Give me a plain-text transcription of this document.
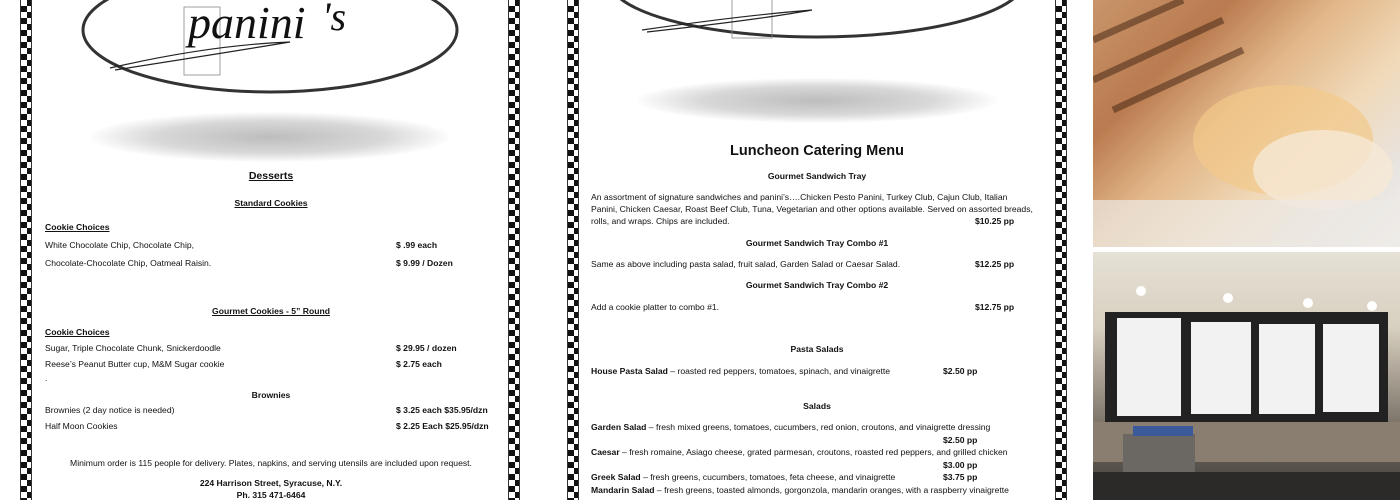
panini 's
Desserts
Standard Cookies
Cookie Choices
White Chocolate Chip, Chocolate Chip,	$ .99 each
Chocolate-Chocolate Chip, Oatmeal Raisin.	$ 9.99 / Dozen
Gourmet Cookies - 5” Round
Cookie Choices
Sugar, Triple Chocolate Chunk, Snickerdoodle	$ 29.95 / dozen
Reese’s Peanut Butter cup, M&M Sugar cookie	$ 2.75 each
.
Brownies
Brownies (2 day notice is needed)	$ 3.25 each $35.95/dzn
Half Moon Cookies	$ 2.25 Each $25.95/dzn
Minimum order is 115 people for delivery. Plates, napkins, and serving utensils are included upon request.
224 Harrison Street, Syracuse, N.Y.
Ph. 315 471-6464
Luncheon Catering Menu
Gourmet Sandwich Tray
An assortment of signature sandwiches and panini’s….Chicken Pesto Panini, Turkey Club, Cajun Club, Italian
Panini, Chicken Caesar, Roast Beef Club, Tuna, Vegetarian and other options available. Served on assorted breads,
rolls, and wraps. Chips are included.	$10.25 pp
Gourmet Sandwich Tray Combo #1
Same as above including pasta salad, fruit salad, Garden Salad or Caesar Salad.	$12.25 pp
Gourmet Sandwich Tray Combo #2
Add a cookie platter to combo #1.	$12.75 pp
Pasta Salads
House Pasta Salad – roasted red peppers, tomatoes, spinach, and vinaigrette	$2.50 pp
Salads
Garden Salad – fresh mixed greens, tomatoes, cucumbers, red onion, croutons, and vinaigrette dressing
$2.50 pp
Caesar – fresh romaine, Asiago cheese, grated parmesan, croutons, roasted red peppers, and grilled chicken
$3.00 pp
Greek Salad – fresh greens, cucumbers, tomatoes, feta cheese, and vinaigrette	$3.75 pp
Mandarin Salad – fresh greens, toasted almonds, gorgonzola, mandarin oranges, with a raspberry vinaigrette
